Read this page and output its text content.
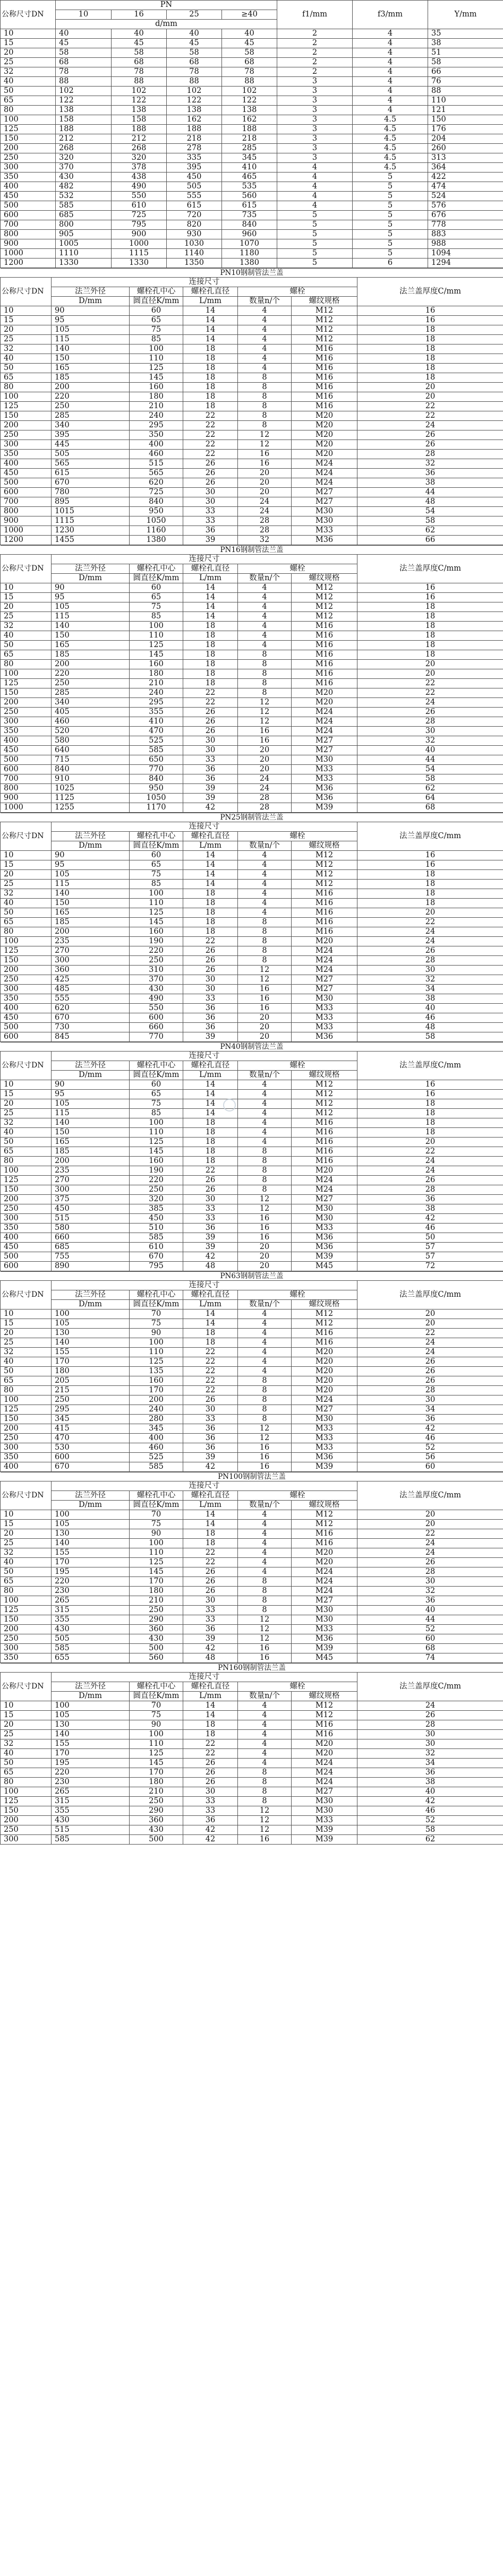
公称尺寸DN	PN				f1/mm	f3/mm	Y/mm
	10	16	25	≥40			
	d/mm						
10	40	40	40	40	2	4	35
15	45	45	45	45	2	4	38
20	58	58	58	58	2	4	51
25	68	68	68	68	2	4	58
32	78	78	78	78	2	4	66
40	88	88	88	88	3	4	76
50	102	102	102	102	3	4	88
65	122	122	122	122	3	4	110
80	138	138	138	138	3	4	121
100	158	158	162	162	3	4.5	150
125	188	188	188	188	3	4.5	176
150	212	212	218	218	3	4.5	204
200	268	268	278	285	3	4.5	260
250	320	320	335	345	3	4.5	313
300	370	378	395	410	4	4.5	364
350	430	438	450	465	4	5	422
400	482	490	505	535	4	5	474
450	532	550	555	560	4	5	524
500	585	610	615	615	4	5	576
600	685	725	720	735	5	5	676
700	800	795	820	840	5	5	778
800	905	900	930	960	5	5	883
900	1005	1000	1030	1070	5	5	988
1000	1110	1115	1140	1180	5	5	1094
1200	1330	1330	1350	1380	5	6	1294
PN10钢制管法兰盖						
公称尺寸DN	连接尺寸					法兰盖厚度C/mm
	法兰外径	螺栓孔中心	螺栓孔直径	螺栓		
	D/mm	圆直径K/mm	L/mm	数量n/个	螺纹规格	
10	90	60	14	4	M12	16
15	95	65	14	4	M12	16
20	105	75	14	4	M12	18
25	115	85	14	4	M12	18
32	140	100	18	4	M16	18
40	150	110	18	4	M16	18
50	165	125	18	4	M16	18
65	185	145	18	8	M16	18
80	200	160	18	8	M16	20
100	220	180	18	8	M16	20
125	250	210	18	8	M16	22
150	285	240	22	8	M20	22
200	340	295	22	8	M20	24
250	395	350	22	12	M20	26
300	445	400	22	12	M20	26
350	505	460	22	16	M20	28
400	565	515	26	16	M24	32
450	615	565	26	20	M24	36
500	670	620	26	20	M24	38
600	780	725	30	20	M27	44
700	895	840	30	24	M27	48
800	1015	950	33	24	M30	54
900	1115	1050	33	28	M30	58
1000	1230	1160	36	28	M33	62
1200	1455	1380	39	32	M36	66
PN16钢制管法兰盖						
公称尺寸DN	连接尺寸					法兰盖厚度C/mm
	法兰外径	螺栓孔中心	螺栓孔直径	螺栓		
	D/mm	圆直径K/mm	L/mm	数量n/个	螺纹规格	
10	90	60	14	4	M12	16
15	95	65	14	4	M12	16
20	105	75	14	4	M12	18
25	115	85	14	4	M12	18
32	140	100	18	4	M16	18
40	150	110	18	4	M16	18
50	165	125	18	4	M16	18
65	185	145	18	8	M16	18
80	200	160	18	8	M16	20
100	220	180	18	8	M16	20
125	250	210	18	8	M16	22
150	285	240	22	8	M20	22
200	340	295	22	12	M20	24
250	405	355	26	12	M24	26
300	460	410	26	12	M24	28
350	520	470	26	16	M24	30
400	580	525	30	16	M27	32
450	640	585	30	20	M27	40
500	715	650	33	20	M30	44
600	840	770	36	20	M33	54
700	910	840	36	24	M33	58
800	1025	950	39	24	M36	62
900	1125	1050	39	28	M36	64
1000	1255	1170	42	28	M39	68
PN25钢制管法兰盖						
公称尺寸DN	连接尺寸					法兰盖厚度C/mm
	法兰外径	螺栓孔中心	螺栓孔直径	螺栓		
	D/mm	圆直径K/mm	L/mm	数量n/个	螺纹规格	
10	90	60	14	4	M12	16
15	95	65	14	4	M12	16
20	105	75	14	4	M12	18
25	115	85	14	4	M12	18
32	140	100	18	4	M16	18
40	150	110	18	4	M16	18
50	165	125	18	4	M16	20
65	185	145	18	8	M16	22
80	200	160	18	8	M16	24
100	235	190	22	8	M20	24
125	270	220	26	8	M24	26
150	300	250	26	8	M24	28
200	360	310	26	12	M24	30
250	425	370	30	12	M27	32
300	485	430	30	16	M27	34
350	555	490	33	16	M30	38
400	620	550	36	16	M33	40
450	670	600	36	20	M33	46
500	730	660	36	20	M33	48
600	845	770	39	20	M36	58
PN40钢制管法兰盖						
公称尺寸DN	连接尺寸					法兰盖厚度C/mm
	法兰外径	螺栓孔中心	螺栓孔直径	螺栓		
	D/mm	圆直径K/mm	L/mm	数量n/个	螺纹规格	
10	90	60	14	4	M12	16
15	95	65	14	4	M12	16
20	105	75	14	4	M12	18
25	115	85	14	4	M12	18
32	140	100	18	4	M16	18
40	150	110	18	4	M16	18
50	165	125	18	4	M16	20
65	185	145	18	8	M16	22
80	200	160	18	8	M16	24
100	235	190	22	8	M20	24
125	270	220	26	8	M24	26
150	300	250	26	8	M24	28
200	375	320	30	12	M27	36
250	450	385	33	12	M30	38
300	515	450	33	16	M30	42
350	580	510	36	16	M33	46
400	660	585	39	16	M36	50
450	685	610	39	20	M36	57
500	755	670	42	20	M39	57
600	890	795	48	20	M45	72
PN63钢制管法兰盖						
公称尺寸DN	连接尺寸					法兰盖厚度C/mm
	法兰外径	螺栓孔中心	螺栓孔直径	螺栓		
	D/mm	圆直径K/mm	L/mm	数量n/个	螺纹规格	
10	100	70	14	4	M12	20
15	105	75	14	4	M12	20
20	130	90	18	4	M16	22
25	140	100	18	4	M16	24
32	155	110	22	4	M20	24
40	170	125	22	4	M20	26
50	180	135	22	4	M20	26
65	205	160	22	8	M20	26
80	215	170	22	8	M20	28
100	250	200	26	8	M24	30
125	295	240	30	8	M27	34
150	345	280	33	8	M30	36
200	415	345	36	12	M33	42
250	470	400	36	12	M33	46
300	530	460	36	16	M33	52
350	600	525	39	16	M36	56
400	670	585	42	16	M39	60
PN100钢制管法兰盖						
公称尺寸DN	连接尺寸					法兰盖厚度C/mm
	法兰外径	螺栓孔中心	螺栓孔直径	螺栓		
	D/mm	圆直径K/mm	L/mm	数量n/个	螺纹规格	
10	100	70	14	4	M12	20
15	105	75	14	4	M12	20
20	130	90	18	4	M16	22
25	140	100	18	4	M16	24
32	155	110	22	4	M20	24
40	170	125	22	4	M20	26
50	195	145	26	4	M24	28
65	220	170	26	8	M24	30
80	230	180	26	8	M24	32
100	265	210	30	8	M27	36
125	315	250	33	8	M30	40
150	355	290	33	12	M30	44
200	430	360	36	12	M33	52
250	505	430	39	12	M36	60
300	585	500	42	16	M39	68
350	655	560	48	16	M45	74
PN160钢制管法兰盖						
公称尺寸DN	连接尺寸					法兰盖厚度C/mm
	法兰外径	螺栓孔中心	螺栓孔直径	螺栓		
	D/mm	圆直径K/mm	L/mm	数量n/个	螺纹规格	
10	100	70	14	4	M12	24
15	105	75	14	4	M12	26
20	130	90	18	4	M16	28
25	140	100	18	4	M16	30
32	155	110	22	4	M20	30
40	170	125	22	4	M20	32
50	195	145	26	4	M24	34
65	220	170	26	8	M24	36
80	230	180	26	8	M24	38
100	265	210	30	8	M27	40
125	315	250	33	8	M30	42
150	355	290	33	12	M30	46
200	430	360	36	12	M33	52
250	515	430	42	12	M39	58
300	585	500	42	16	M39	62
